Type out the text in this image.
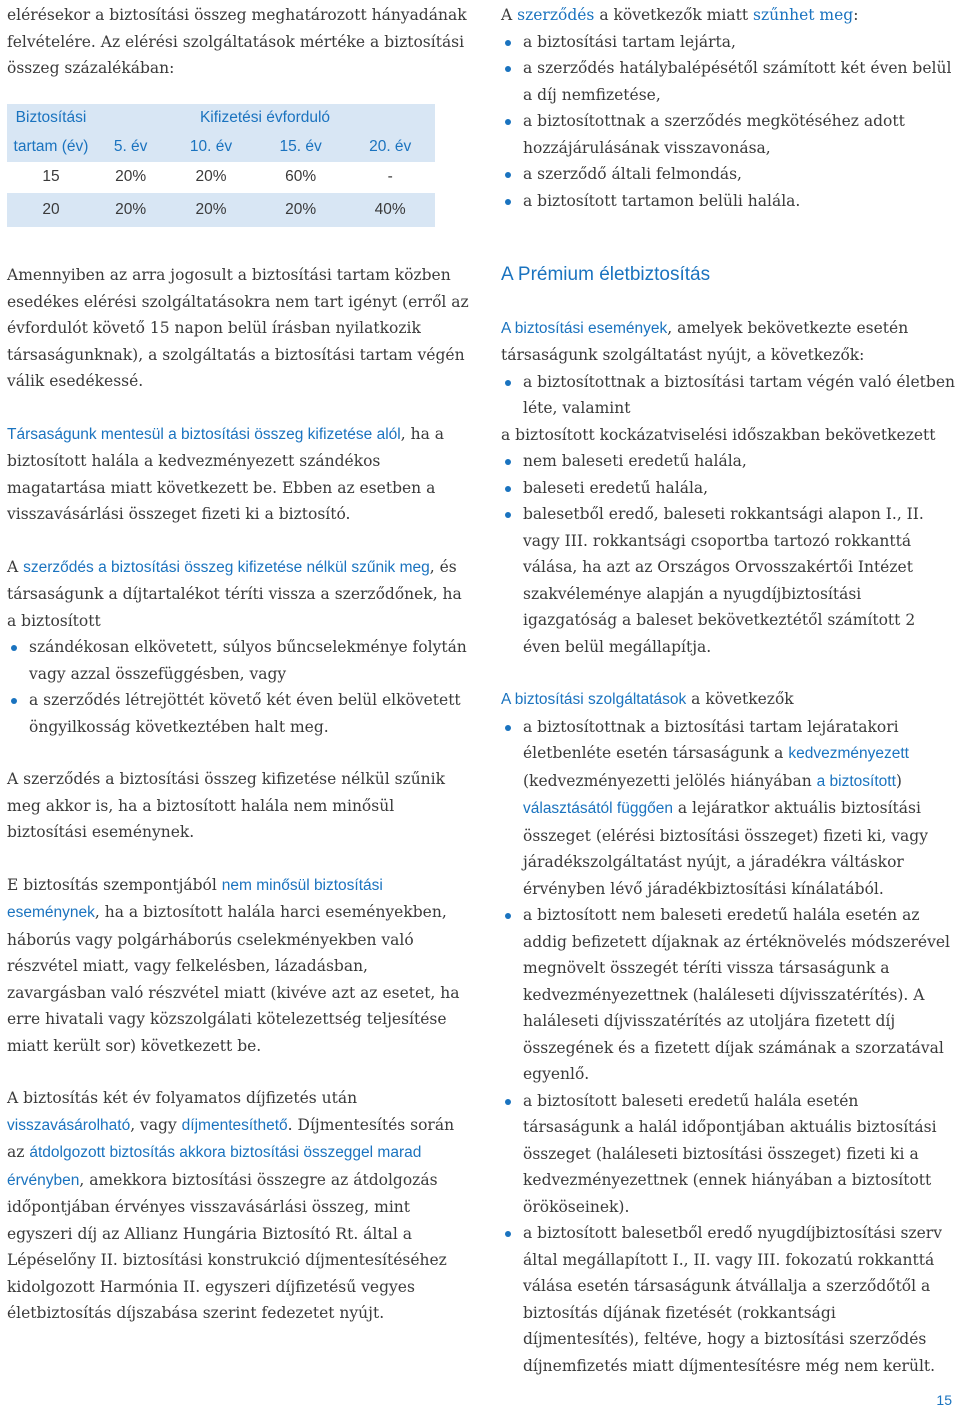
elérésekor a biztosítási összeg meghatározott hányadának felvételére. Az elérési szolgáltatások mértéke a biztosítási összeg százalékában:

Biztosítási	Kifizetési évforduló			
tartam (év)	5. év	10. év	15. év	20. év
15	20%	20%	60%	-
20	20%	20%	20%	40%

A szerződés a következők miatt szűnhet meg:

a biztosítási tartam lejárta,
a szerződés hatálybalépésétől számított két éven belül a díj nemfizetése,
a biztosítottnak a szerződés megkötéséhez adott hozzájárulásának visszavonása,
a szerződő általi felmondás,
a biztosított tartamon belüli halála.

Amennyiben az arra jogosult a biztosítási tartam közben esedékes elérési szolgáltatásokra nem tart igényt (erről az évfordulót követő 15 napon belül írásban nyilatkozik társaságunknak), a szolgáltatás a biztosítási tartam végén válik esedékessé.

Társaságunk mentesül a biztosítási összeg kifizetése alól, ha a biztosított halála a kedvezményezett szándékos magatartása miatt következett be. Ebben az esetben a visszavásárlási összeget fizeti ki a biztosító.

A szerződés a biztosítási összeg kifizetése nélkül szűnik meg, és társaságunk a díjtartalékot téríti vissza a szerződőnek, ha a biztosított

szándékosan elkövetett, súlyos bűncselekménye folytán vagy azzal összefüggésben, vagy
a szerződés létrejöttét követő két éven belül elkövetett öngyilkosság következtében halt meg.

A szerződés a biztosítási összeg kifizetése nélkül szűnik meg akkor is, ha a biztosított halála nem minősül biztosítási eseménynek.

E biztosítás szempontjából nem minősül biztosítási eseménynek, ha a biztosított halála harci eseményekben, háborús vagy polgárháborús cselekményekben való részvétel miatt, vagy felkelésben, lázadásban, zavargásban való részvétel miatt (kivéve azt az esetet, ha erre hivatali vagy közszolgálati kötelezettség teljesítése miatt került sor) következett be.

A biztosítás két év folyamatos díjfizetés után visszavásárolható, vagy díjmentesíthető. Díjmentesítés során az átdolgozott biztosítás akkora biztosítási összeggel marad érvényben, amekkora biztosítási összegre az átdolgozás időpontjában érvényes visszavásárlási összeg, mint egyszeri díj az Allianz Hungária Biztosító Rt. által a Lépéselőny II. biztosítási konstrukció díjmentesítéséhez kidolgozott Harmónia II. egyszeri díjfizetésű vegyes életbiztosítás díjszabása szerint fedezetet nyújt.

A Prémium életbiztosítás

A biztosítási események, amelyek bekövetkezte esetén társaságunk szolgáltatást nyújt, a következők:

a biztosítottnak a biztosítási tartam végén való életben léte, valamint

a biztosított kockázatviselési időszakban bekövetkezett

nem baleseti eredetű halála,
baleseti eredetű halála,
balesetből eredő, baleseti rokkantsági alapon I., II. vagy III. rokkantsági csoportba tartozó rokkanttá válása, ha azt az Országos Orvosszakértői Intézet szakvéleménye alapján a nyugdíjbiztosítási igazgatóság a baleset bekövetkeztétől számított 2 éven belül megállapítja.

A biztosítási szolgáltatások a következők

a biztosítottnak a biztosítási tartam lejáratakori életbenléte esetén társaságunk a kedvezményezett (kedvezményezetti jelölés hiányában a biztosított) választásától függően a lejáratkor aktuális biztosítási összeget (elérési biztosítási összeget) fizeti ki, vagy járadékszolgáltatást nyújt, a járadékra váltáskor érvényben lévő járadékbiztosítási kínálatából.
a biztosított nem baleseti eredetű halála esetén az addig befizetett díjaknak az értéknövelés módszerével megnövelt összegét téríti vissza társaságunk a kedvezményezettnek (haláleseti díjvisszatérítés). A haláleseti díjvisszatérítés az utoljára fizetett díj összegének és a fizetett díjak számának a szorzatával egyenlő.
a biztosított baleseti eredetű halála esetén társaságunk a halál időpontjában aktuális biztosítási összeget (haláleseti biztosítási összeget) fizeti ki a kedvezményezettnek (ennek hiányában a biztosított örököseinek).
a biztosított balesetből eredő nyugdíjbiztosítási szerv által megállapított I., II. vagy III. fokozatú rokkanttá válása esetén társaságunk átvállalja a szerződőtől a biztosítás díjának fizetését (rokkantsági díjmentesítés), feltéve, hogy a biztosítási szerződés díjnemfizetés miatt díjmentesítésre még nem került.
15
